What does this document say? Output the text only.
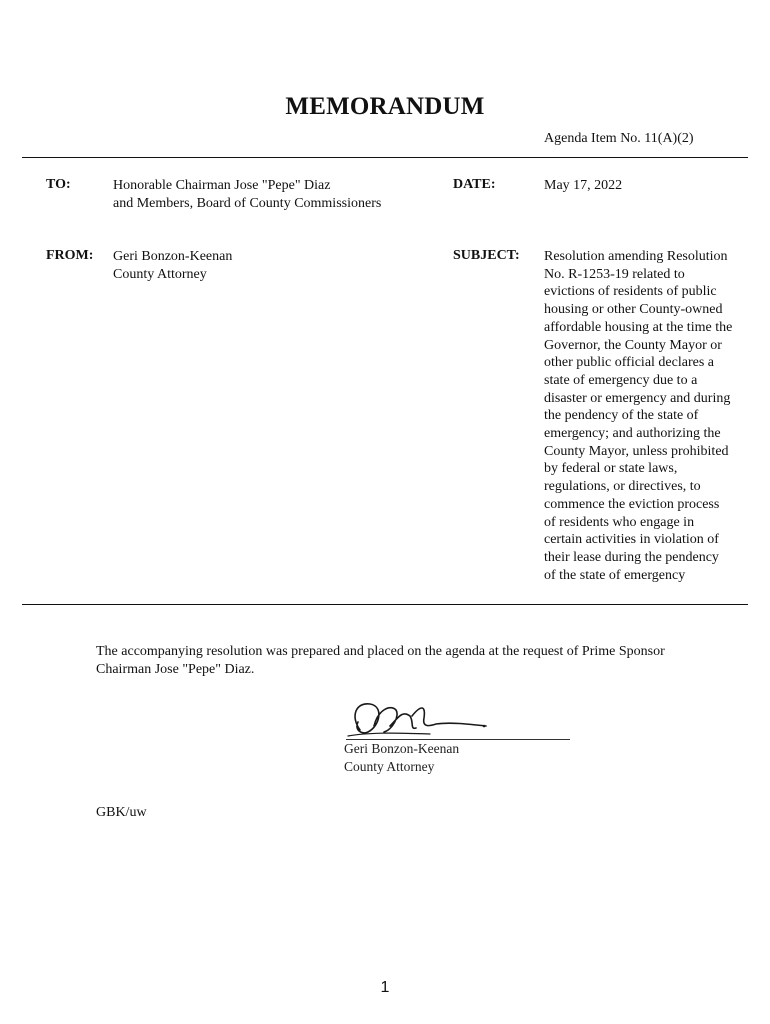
MEMORANDUM
Agenda Item No. 11(A)(2)
TO:	Honorable Chairman Jose "Pepe" Diaz
and Members, Board of County Commissioners
DATE:	May 17, 2022
FROM: Geri Bonzon-Keenan
County Attorney
SUBJECT: Resolution amending Resolution
No. R-1253-19 related to
evictions of residents of public
housing or other County-owned
affordable housing at the time the
Governor, the County Mayor or
other public official declares a
state of emergency due to a
disaster or emergency and during
the pendency of the state of
emergency; and authorizing the
County Mayor, unless prohibited
by federal or state laws,
regulations, or directives, to
commence the eviction process
of residents who engage in
certain activities in violation of
their lease during the pendency
of the state of emergency
The accompanying resolution was prepared and placed on the agenda at the request of Prime Sponsor
Chairman Jose "Pepe" Diaz.
Geri Bonzon-Keenan
County Attorney
GBK/uw
1
